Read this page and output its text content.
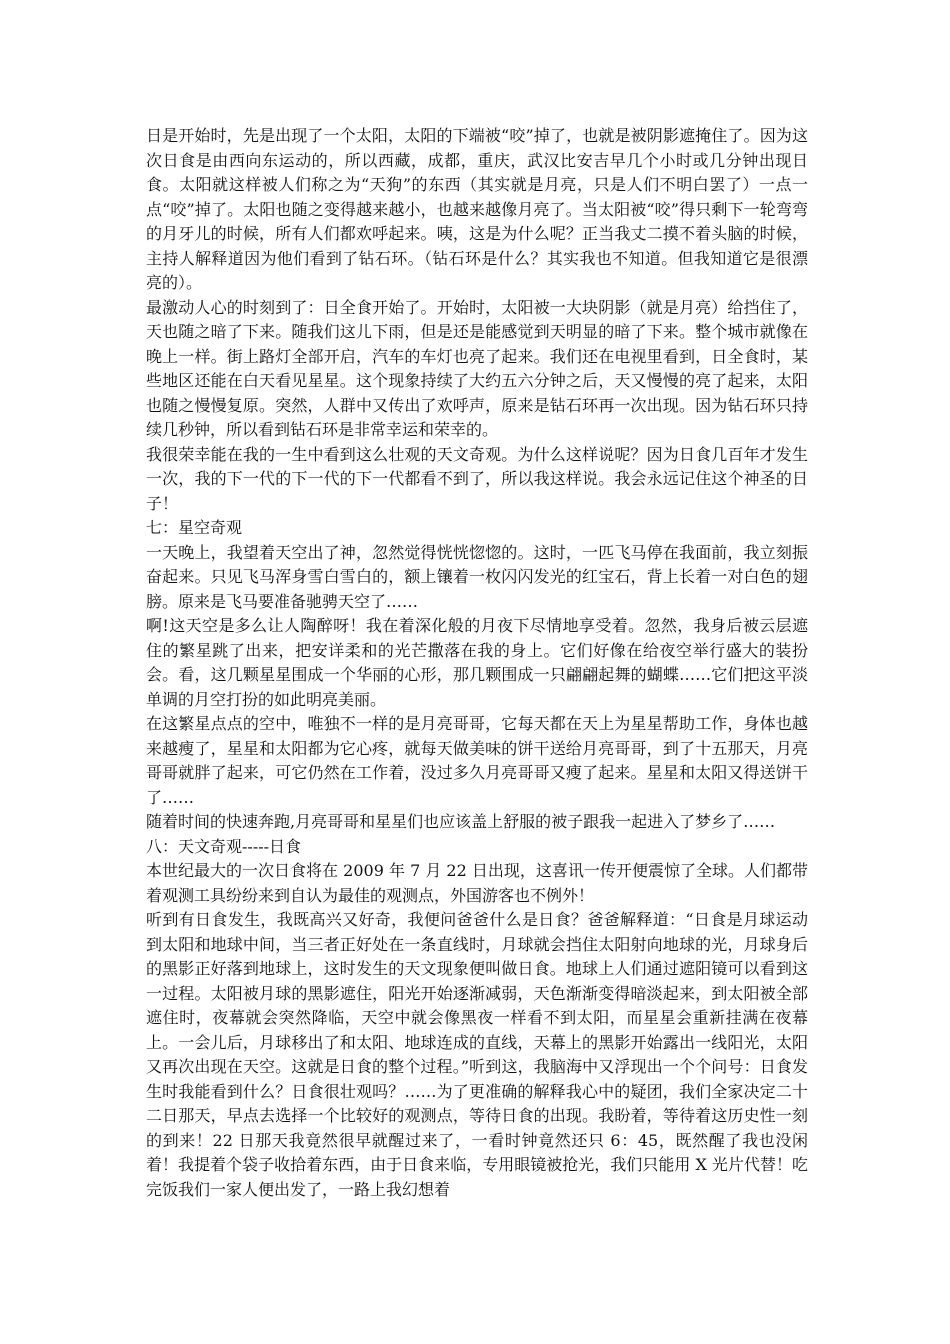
日是开始时，先是出现了一个太阳，太阳的下端被“咬”掉了，也就是被阴影遮掩住了。因为这次日食是由西向东运动的，所以西藏，成都，重庆，武汉比安吉早几个小时或几分钟出现日食。太阳就这样被人们称之为“天狗”的东西（其实就是月亮，只是人们不明白罢了）一点一点“咬”掉了。太阳也随之变得越来越小，也越来越像月亮了。当太阳被“咬”得只剩下一轮弯弯的月牙儿的时候，所有人们都欢呼起来。咦，这是为什么呢？正当我丈二摸不着头脑的时候，主持人解释道因为他们看到了钻石环。（钻石环是什么？其实我也不知道。但我知道它是很漂亮的）。

最激动人心的时刻到了：日全食开始了。开始时，太阳被一大块阴影（就是月亮）给挡住了，天也随之暗了下来。随我们这儿下雨，但是还是能感觉到天明显的暗了下来。整个城市就像在晚上一样。街上路灯全部开启，汽车的车灯也亮了起来。我们还在电视里看到，日全食时，某些地区还能在白天看见星星。这个现象持续了大约五六分钟之后，天又慢慢的亮了起来，太阳也随之慢慢复原。突然，人群中又传出了欢呼声，原来是钻石环再一次出现。因为钻石环只持续几秒钟，所以看到钻石环是非常幸运和荣幸的。

我很荣幸能在我的一生中看到这么壮观的天文奇观。为什么这样说呢？因为日食几百年才发生一次，我的下一代的下一代的下一代都看不到了，所以我这样说。我会永远记住这个神圣的日子！

七：星空奇观

一天晚上，我望着天空出了神，忽然觉得恍恍惚惚的。这时，一匹飞马停在我面前，我立刻振奋起来。只见飞马浑身雪白雪白的，额上镶着一枚闪闪发光的红宝石，背上长着一对白色的翅膀。原来是飞马要准备驰骋天空了……

啊!这天空是多么让人陶醉呀！我在着深化般的月夜下尽情地享受着。忽然，我身后被云层遮住的繁星跳了出来，把安详柔和的光芒撒落在我的身上。它们好像在给夜空举行盛大的装扮会。看，这几颗星星围成一个华丽的心形，那几颗围成一只翩翩起舞的蝴蝶……它们把这平淡单调的月空打扮的如此明亮美丽。

在这繁星点点的空中，唯独不一样的是月亮哥哥，它每天都在天上为星星帮助工作，身体也越来越瘦了，星星和太阳都为它心疼，就每天做美味的饼干送给月亮哥哥，到了十五那天，月亮哥哥就胖了起来，可它仍然在工作着，没过多久月亮哥哥又瘦了起来。星星和太阳又得送饼干了……

随着时间的快速奔跑,月亮哥哥和星星们也应该盖上舒服的被子跟我一起进入了梦乡了……

八：天文奇观-----日食

本世纪最大的一次日食将在 2009 年 7 月 22 日出现，这喜讯一传开便震惊了全球。人们都带着观测工具纷纷来到自认为最佳的观测点，外国游客也不例外！

听到有日食发生，我既高兴又好奇，我便问爸爸什么是日食？爸爸解释道：“日食是月球运动到太阳和地球中间，当三者正好处在一条直线时，月球就会挡住太阳射向地球的光，月球身后的黑影正好落到地球上，这时发生的天文现象便叫做日食。地球上人们通过遮阳镜可以看到这一过程。太阳被月球的黑影遮住，阳光开始逐渐减弱，天色渐渐变得暗淡起来，到太阳被全部遮住时，夜幕就会突然降临，天空中就会像黑夜一样看不到太阳，而星星会重新挂满在夜幕上。一会儿后，月球移出了和太阳、地球连成的直线，天幕上的黑影开始露出一线阳光，太阳又再次出现在天空。这就是日食的整个过程。”听到这，我脑海中又浮现出一个个问号：日食发生时我能看到什么？日食很壮观吗？……为了更准确的解释我心中的疑团，我们全家决定二十二日那天，早点去选择一个比较好的观测点，等待日食的出现。我盼着，等待着这历史性一刻的到来！22 日那天我竟然很早就醒过来了，一看时钟竟然还只 6：45，既然醒了我也没闲着！我提着个袋子收拾着东西，由于日食来临，专用眼镜被抢光，我们只能用 X 光片代替！吃完饭我们一家人便出发了，一路上我幻想着
